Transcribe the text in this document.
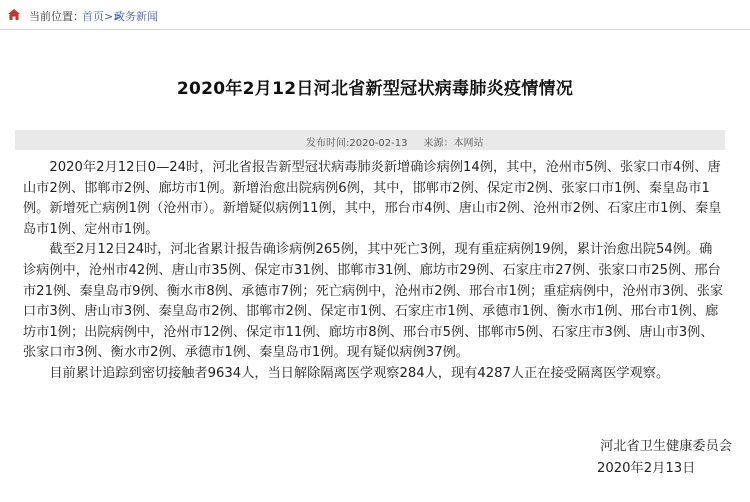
当前位置：
首页>>
政务新闻
2020年2月12日河北省新型冠状病毒肺炎疫情情况
发布时间:2020-02-13 来源：本网站

2020年2月12日0—24时，河北省报告新型冠状病毒肺炎新增确诊病例14例，其中，沧州市5例、张家口市4例、唐山市2例、邯郸市2例、廊坊市1例。新增治愈出院病例6例，其中，邯郸市2例、保定市2例、张家口市1例、秦皇岛市1例。新增死亡病例1例（沧州市）。新增疑似病例11例，其中，邢台市4例、唐山市2例、沧州市2例、石家庄市1例、秦皇岛市1例、定州市1例。

截至2月12日24时，河北省累计报告确诊病例265例，其中死亡3例，现有重症病例19例，累计治愈出院54例。确诊病例中，沧州市42例、唐山市35例、保定市31例、邯郸市31例、廊坊市29例、石家庄市27例、张家口市25例、邢台市21例、秦皇岛市9例、衡水市8例、承德市7例；死亡病例中，沧州市2例、邢台市1例；重症病例中，沧州市3例、张家口市3例、唐山市3例、秦皇岛市2例、邯郸市2例、保定市1例、石家庄市1例、承德市1例、衡水市1例、邢台市1例、廊坊市1例；出院病例中，沧州市12例、保定市11例、廊坊市8例、邢台市5例、邯郸市5例、石家庄市3例、唐山市3例、张家口市3例、衡水市2例、承德市1例、秦皇岛市1例。现有疑似病例37例。

目前累计追踪到密切接触者9634人，当日解除隔离医学观察284人，现有4287人正在接受隔离医学观察。

河北省卫生健康委员会
2020年2月13日
